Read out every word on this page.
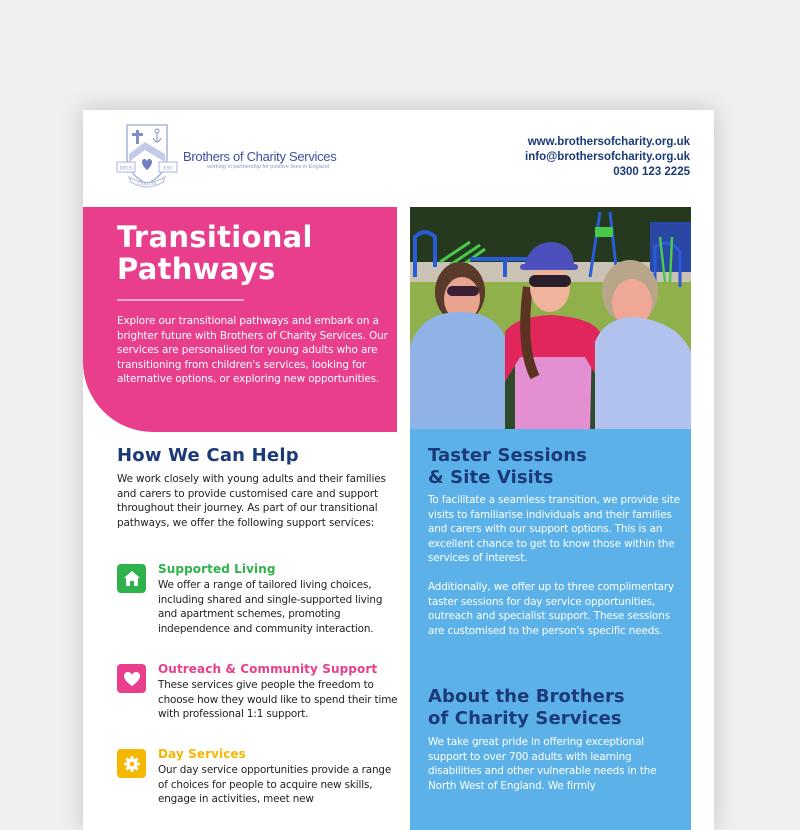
DEUS	EST
CARITAS
Brothers of Charity Services
working in partnership for positive lives in England
www.brothersofcharity.org.uk
info@brothersofcharity.org.uk
0300 123 2225
Transitional
Pathways

Explore our transitional pathways and embark on a brighter future with Brothers of Charity Services. Our services are personalised for young adults who are transitioning from children's services, looking for alternative options, or exploring new opportunities.

How We Can Help

We work closely with young adults and their families and carers to provide customised care and support throughout their journey. As part of our transitional pathways, we offer the following support services:

Supported Living

We offer a range of tailored living choices, including shared and single-supported living and apartment schemes, promoting independence and community interaction.

Outreach & Community Support

These services give people the freedom to choose how they would like to spend their time with professional 1:1 support.

Day Services

Our day service opportunities provide a range of choices for people to acquire new skills, engage in activities, meet new

Taster Sessions
& Site Visits

To facilitate a seamless transition, we provide site visits to familiarise individuals and their families and carers with our support options. This is an excellent chance to get to know those within the services of interest.

Additionally, we offer up to three complimentary taster sessions for day service opportunities, outreach and specialist support. These sessions are customised to the person's specific needs.

About the Brothers
of Charity Services

We take great pride in offering exceptional support to over 700 adults with learning disabilities and other vulnerable needs in the North West of England. We firmly
